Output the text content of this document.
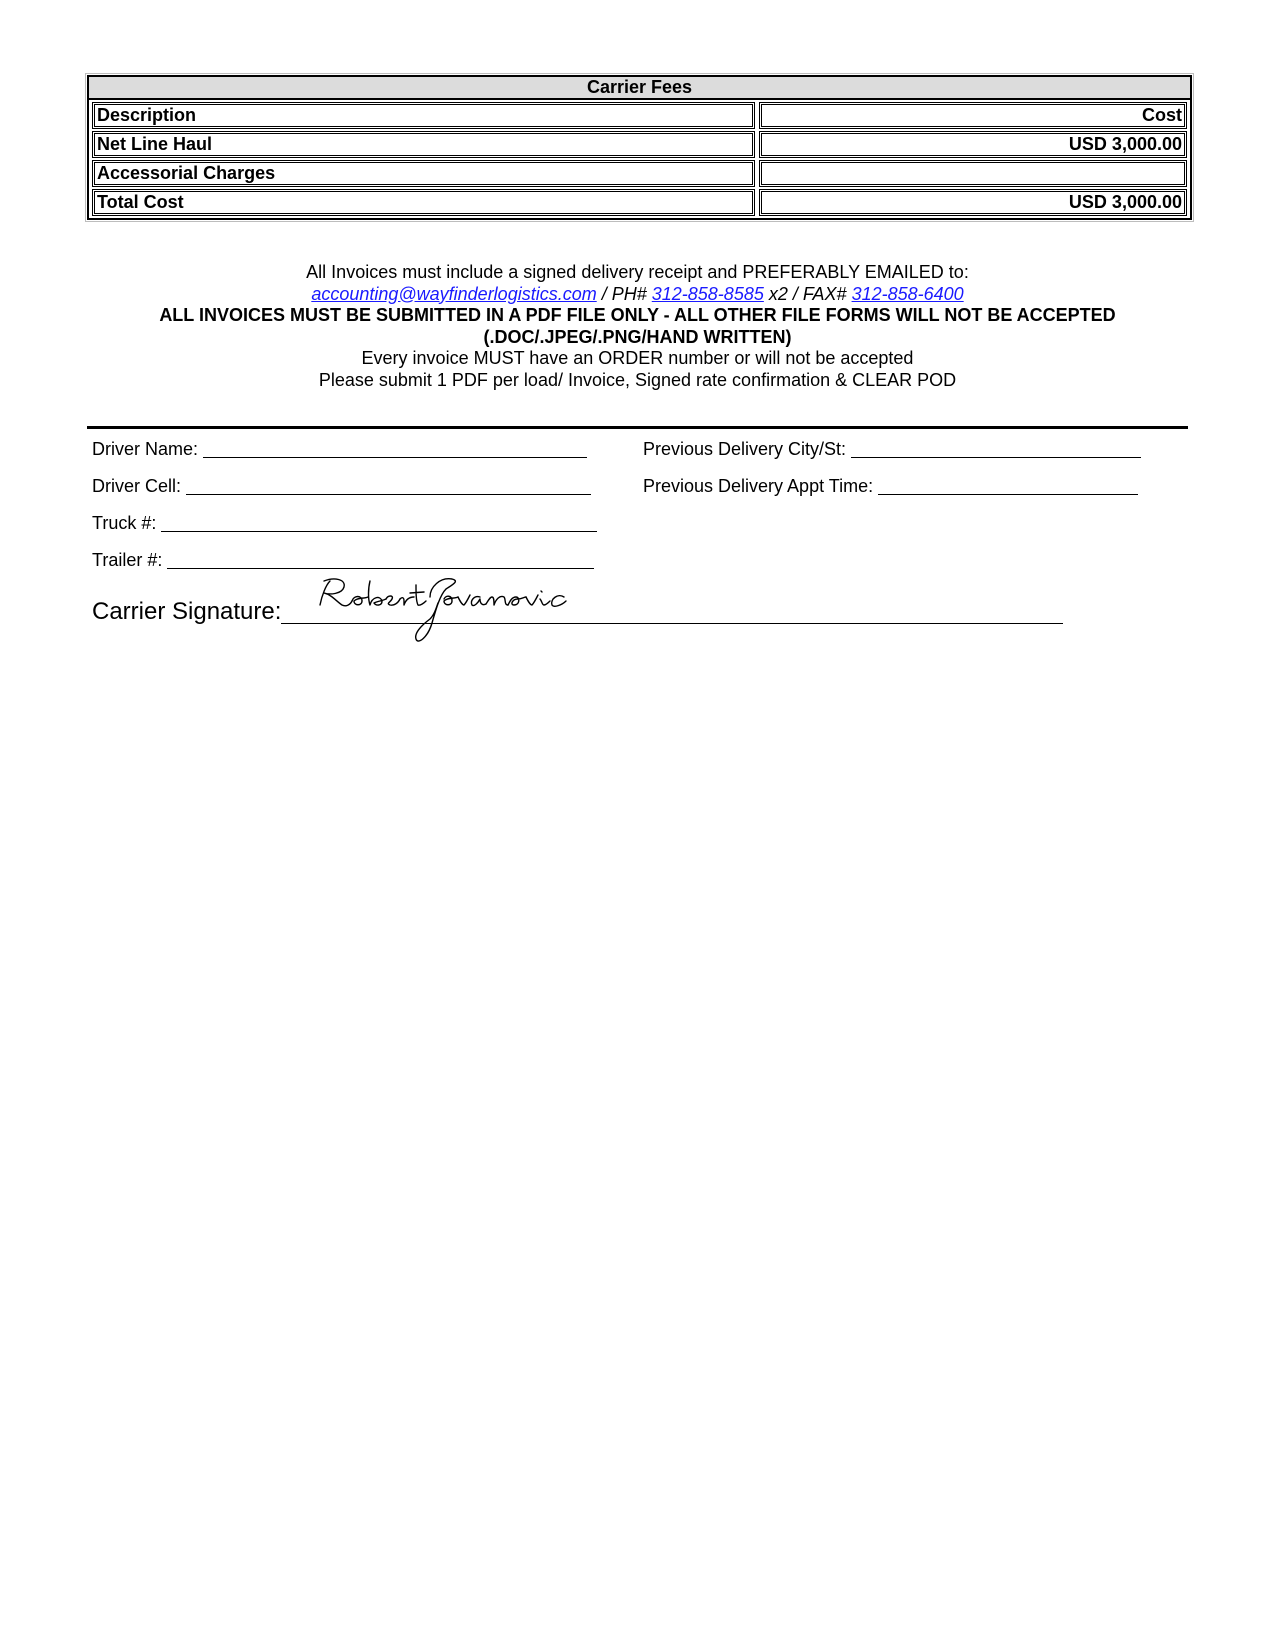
Carrier Fees
Description	Cost
Net Line Haul	USD 3,000.00
Accessorial Charges
Total Cost	USD 3,000.00
All Invoices must include a signed delivery receipt and PREFERABLY EMAILED to:
accounting@wayfinderlogistics.com / PH# 312-858-8585 x2 / FAX# 312-858-6400
ALL INVOICES MUST BE SUBMITTED IN A PDF FILE ONLY - ALL OTHER FILE FORMS WILL NOT BE ACCEPTED
(.DOC/.JPEG/.PNG/HAND WRITTEN)
Every invoice MUST have an ORDER number or will not be accepted
Please submit 1 PDF per load/ Invoice, Signed rate confirmation & CLEAR POD
Driver Name:
Driver Cell:
Truck #:
Trailer #:
Previous Delivery City/St:
Previous Delivery Appt Time:
Carrier Signature:
